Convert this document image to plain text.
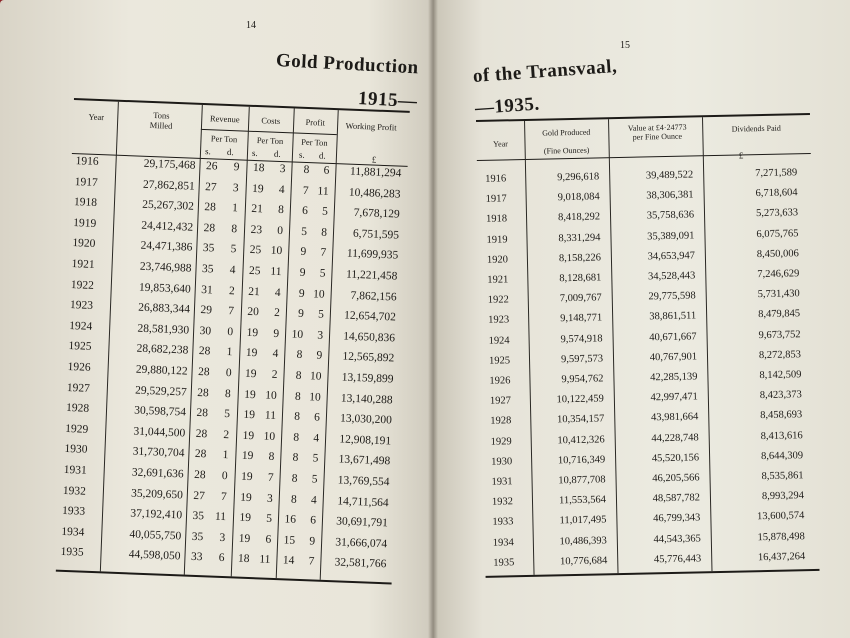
14
Gold Production
1915—
Year	Tons Milled
Revenue	Costs	Profit	Working Profit
Per Ton	Per Ton	Per Ton
s. d. s. d. s. d.	£
1916	29,175,468 26	9	18	3	8	6	11,881,294
1917	27,862,851 27	3	19	4	7 11	10,486,283
1918	25,267,302 28	1	21	8	6	5	7,678,129
1919	24,412,432 28	8	23	0	5	8	6,751,595
1920	24,471,386 35	5	25 10	9	7	11,699,935
1921	23,746,988 35	4	25 11	9	5	11,221,458
1922	19,853,640 31	2	21	4	9 10	7,862,156
1923	26,883,344 29	7	20	2	9	5	12,654,702
1924	28,581,930 30	0	19	9	10	3	14,650,836
1925	28,682,238 28	1	19	4	8	9	12,565,892
1926	29,880,122 28	0	19	2	8 10	13,159,899
1927	29,529,257 28	8	19 10	8 10	13,140,288
1928	30,598,754 28	5	19 11	8	6	13,030,200
1929	31,044,500 28	2	19 10	8	4	12,908,191
1930	31,730,704 28	1	19	8	8	5	13,671,498
1931	32,691,636 28	0	19	7	8	5	13,769,554
1932	35,209,650 27	7	19	3	8	4	14,711,564
1933	37,192,410 35 11	19	5	16	6	30,691,791
1934	40,055,750 35	3	19	6	15	9	31,666,074
1935	44,598,050 33	6	18 11	14	7	32,581,766
15
of the Transvaal,
—1935.
Year
Gold Produced
(Fine Ounces)
Value at £4·24773 per Fine Ounce
Dividends Paid
£
1916	9,296,618	39,489,522	7,271,589
1917	9,018,084	38,306,381	6,718,604
1918	8,418,292	35,758,636	5,273,633
1919	8,331,294	35,389,091	6,075,765
1920	8,158,226	34,653,947	8,450,006
1921	8,128,681	34,528,443	7,246,629
1922	7,009,767	29,775,598	5,731,430
1923	9,148,771	38,861,511	8,479,845
1924	9,574,918	40,671,667	9,673,752
1925	9,597,573	40,767,901	8,272,853
1926	9,954,762	42,285,139	8,142,509
1927	10,122,459	42,997,471	8,423,373
1928	10,354,157	43,981,664	8,458,693
1929	10,412,326	44,228,748	8,413,616
1930	10,716,349	45,520,156	8,644,309
1931	10,877,708	46,205,566	8,535,861
1932	11,553,564	48,587,782	8,993,294
1933	11,017,495	46,799,343	13,600,574
1934	10,486,393	44,543,365	15,878,498
1935	10,776,684	45,776,443	16,437,264
